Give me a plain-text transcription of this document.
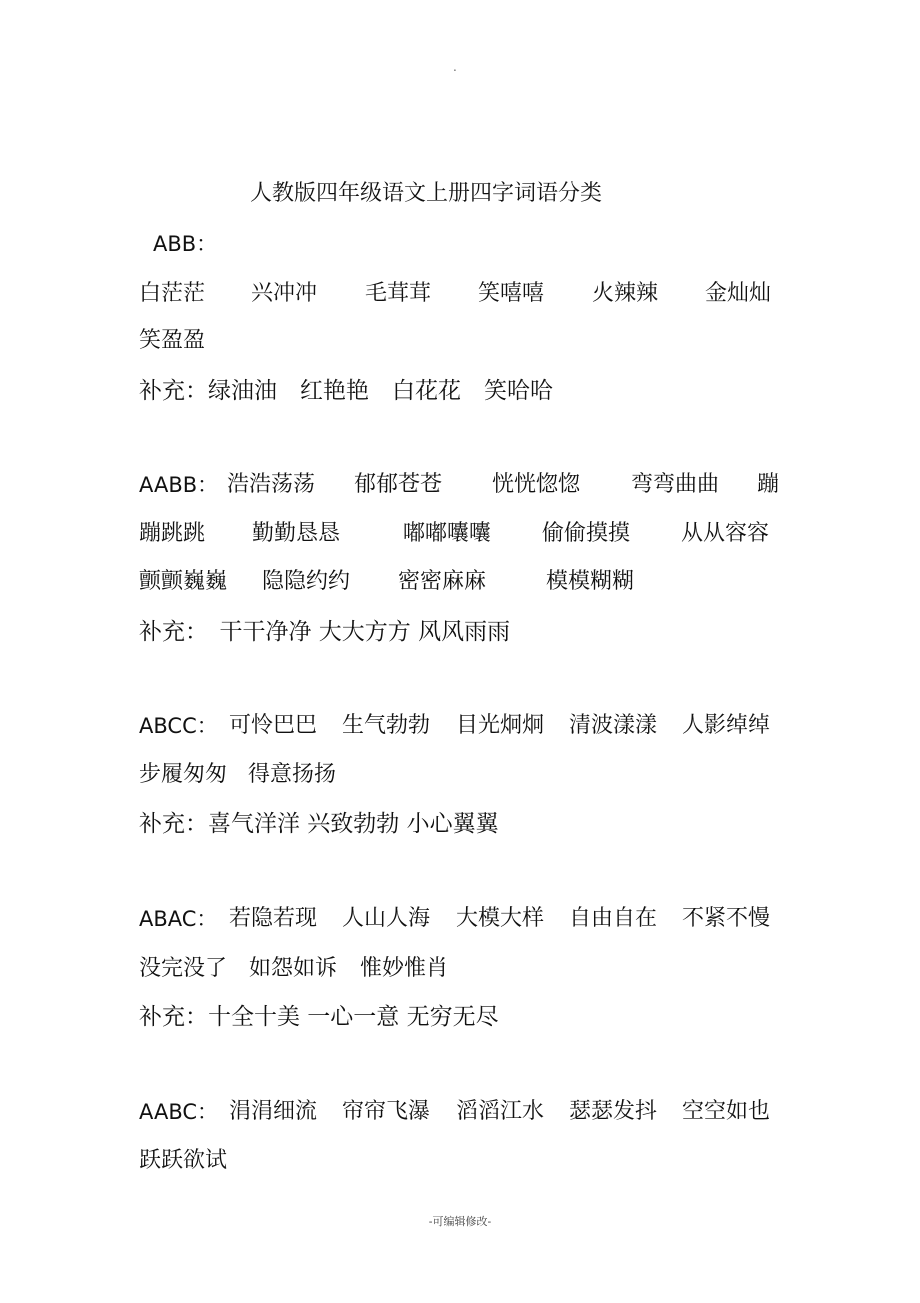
.
人教版四年级语文上册四字词语分类
ABB：
白茫茫 兴冲冲 毛茸茸 笑嘻嘻 火辣辣 金灿灿
笑盈盈
补充：绿油油　红艳艳　白花花　笑哈哈
AABB： 浩浩荡荡 郁郁苍苍 恍恍惚惚 弯弯曲曲 蹦
蹦跳跳 勤勤恳恳	嘟嘟囔囔 偷偷摸摸 从从容容
颤颤巍巍 隐隐约约 密密麻麻	模模糊糊
补充：　干干净净 大大方方 风风雨雨
ABCC： 可怜巴巴 生气勃勃 目光炯炯 清波漾漾 人影绰绰
步履匆匆 得意扬扬
补充：喜气洋洋 兴致勃勃 小心翼翼
ABAC： 若隐若现 人山人海 大模大样 自由自在 不紧不慢
没完没了 如怨如诉 惟妙惟肖
补充：十全十美 一心一意 无穷无尽
AABC： 涓涓细流 帘帘飞瀑 滔滔江水 瑟瑟发抖 空空如也
跃跃欲试
-可编辑修改-
